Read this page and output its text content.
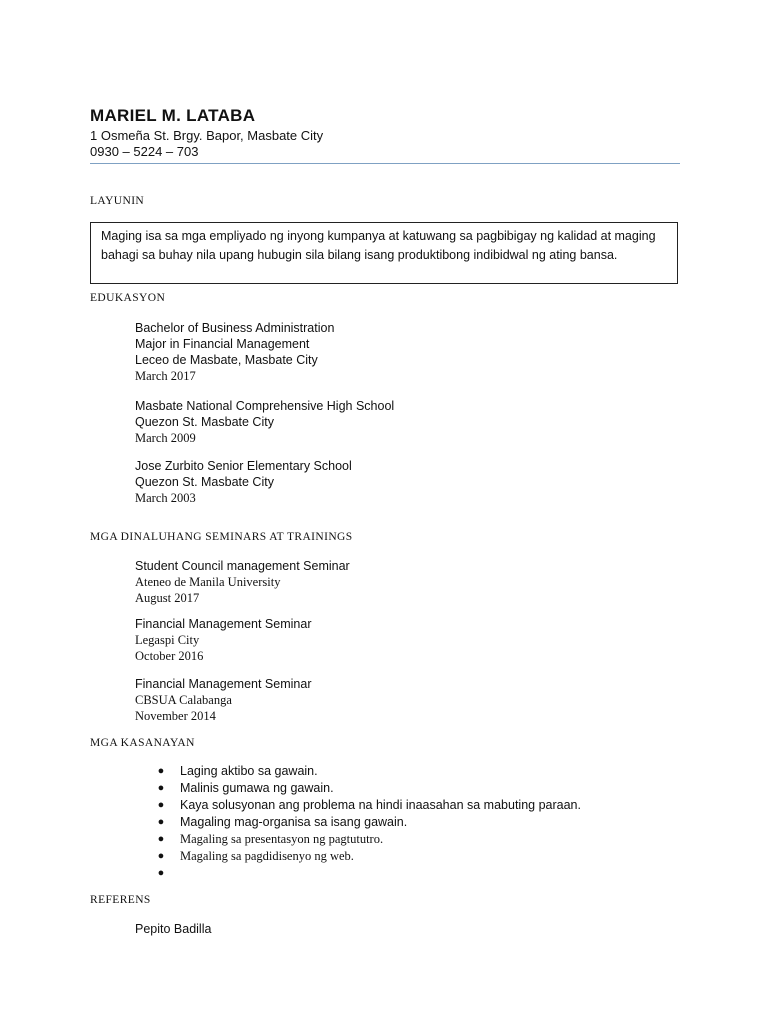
MARIEL M. LATABA
1 Osmeña St. Brgy. Bapor, Masbate City
0930 – 5224 – 703
LAYUNIN
Maging isa sa mga empliyado ng inyong kumpanya at katuwang sa pagbibigay ng kalidad at maging bahagi sa buhay nila upang hubugin sila bilang isang produktibong indibidwal ng ating bansa.
EDUKASYON
Bachelor of Business Administration
Major in Financial Management
Leceo de Masbate, Masbate City
March 2017
Masbate National Comprehensive High School
Quezon St. Masbate City
March 2009
Jose Zurbito Senior Elementary School
Quezon St. Masbate City
March 2003
MGA DINALUHANG SEMINARS AT TRAININGS
Student Council management Seminar
Ateneo de Manila University
August 2017
Financial Management Seminar
Legaspi City
October 2016
Financial Management Seminar
CBSUA Calabanga
November 2014
MGA KASANAYAN
● Laging aktibo sa gawain.
● Malinis gumawa ng gawain.
● Kaya solusyonan ang problema na hindi inaasahan sa mabuting paraan.
● Magaling mag-organisa sa isang gawain.
● Magaling sa presentasyon ng pagtututro.
● Magaling sa pagdidisenyo ng web.
●
REFERENS
Pepito Badilla
